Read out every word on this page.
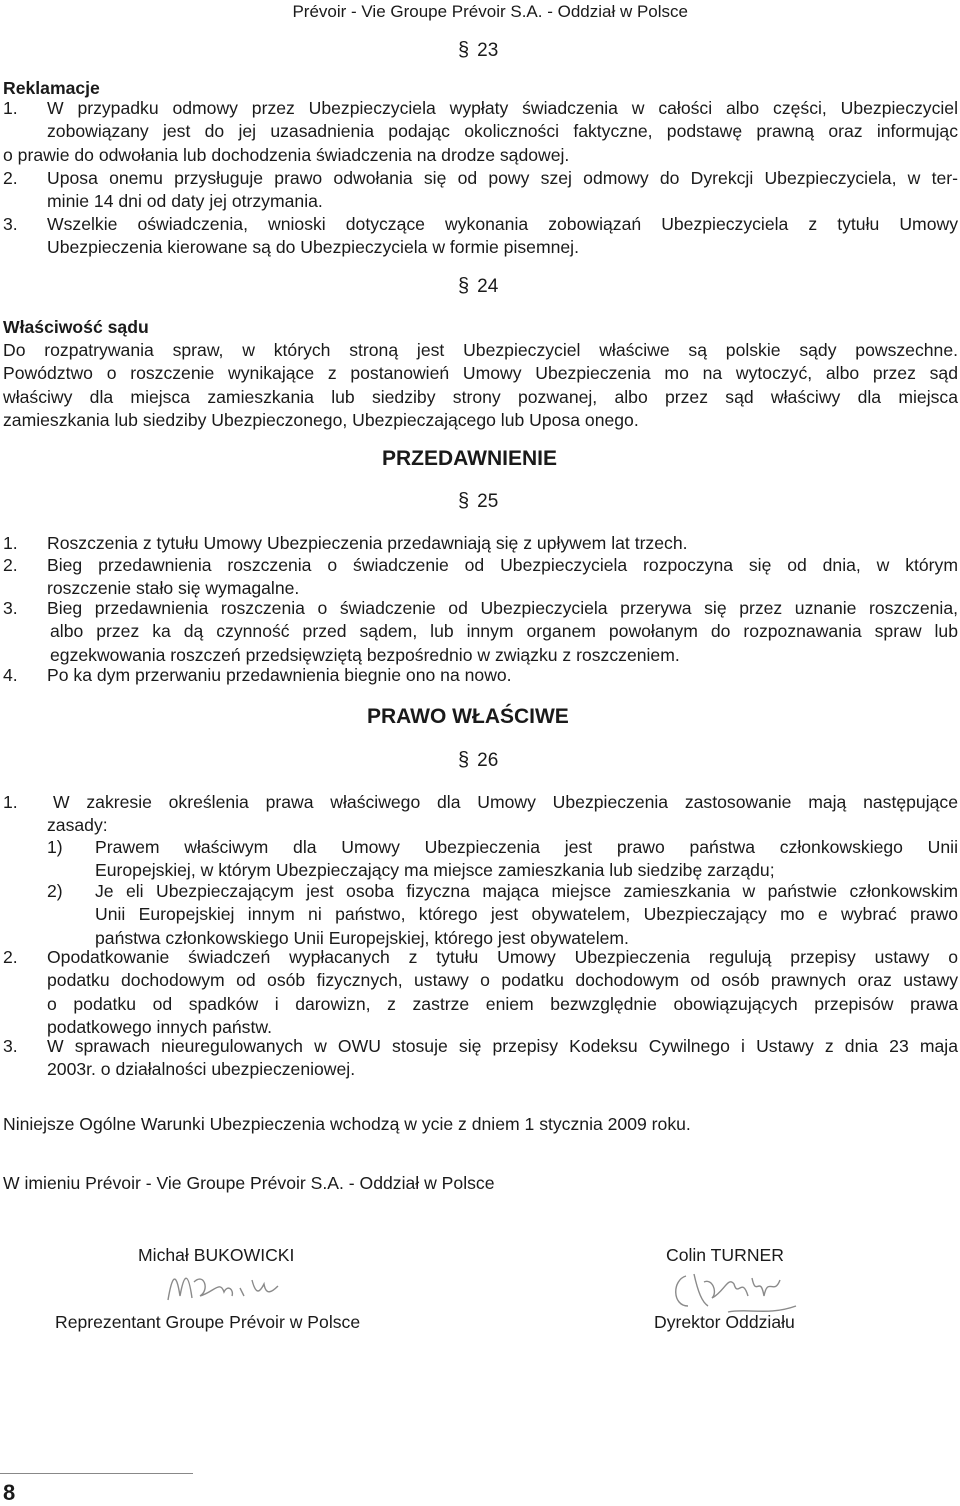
Prévoir - Vie Groupe Prévoir S.A. - Oddział w Polsce
§ 23
Reklamacje
1. W przypadku odmowy przez Ubezpieczyciela wypłaty świadczenia w całości albo części, Ubezpieczyciel
zobowiązany jest do jej uzasadnienia podając okoliczności faktyczne, podstawę prawną oraz informując
o prawie do odwołania lub dochodzenia świadczenia na drodze sądowej.
2. Uposa onemu przysługuje prawo odwołania się od powy szej odmowy do Dyrekcji Ubezpieczyciela, w ter-
minie 14 dni od daty jej otrzymania.
3. Wszelkie oświadczenia, wnioski dotyczące wykonania zobowiązań Ubezpieczyciela z tytułu Umowy
Ubezpieczenia kierowane są do Ubezpieczyciela w formie pisemnej.
§ 24
Właściwość sądu
Do rozpatrywania spraw, w których stroną jest Ubezpieczyciel właściwe są polskie sądy powszechne.
Powództwo o roszczenie wynikające z postanowień Umowy Ubezpieczenia mo na wytoczyć, albo przez sąd
właściwy dla miejsca zamieszkania lub siedziby strony pozwanej, albo przez sąd właściwy dla miejsca
zamieszkania lub siedziby Ubezpieczonego, Ubezpieczającego lub Uposa onego.
PRZEDAWNIENIE
§ 25
1. Roszczenia z tytułu Umowy Ubezpieczenia przedawniają się z upływem lat trzech.
2. Bieg przedawnienia roszczenia o świadczenie od Ubezpieczyciela rozpoczyna się od dnia, w którym
roszczenie stało się wymagalne.
3. Bieg przedawnienia roszczenia o świadczenie od Ubezpieczyciela przerywa się przez uznanie roszczenia,
albo przez ka dą czynność przed sądem, lub innym organem powołanym do rozpoznawania spraw lub
egzekwowania roszczeń przedsięwziętą bezpośrednio w związku z roszczeniem.
4. Po ka dym przerwaniu przedawnienia biegnie ono na nowo.
PRAWO WŁAŚCIWE
§ 26
1. W zakresie określenia prawa właściwego dla Umowy Ubezpieczenia zastosowanie mają następujące
zasady:
1) Prawem właściwym dla Umowy Ubezpieczenia jest prawo państwa członkowskiego Unii
Europejskiej, w którym Ubezpieczający ma miejsce zamieszkania lub siedzibę zarządu;
2) Je eli Ubezpieczającym jest osoba fizyczna mająca miejsce zamieszkania w państwie członkowskim
Unii Europejskiej innym ni państwo, którego jest obywatelem, Ubezpieczający mo e wybrać prawo
państwa członkowskiego Unii Europejskiej, którego jest obywatelem.
2. Opodatkowanie świadczeń wypłacanych z tytułu Umowy Ubezpieczenia regulują przepisy ustawy o
podatku dochodowym od osób fizycznych, ustawy o podatku dochodowym od osób prawnych oraz ustawy
o podatku od spadków i darowizn, z zastrze eniem bezwzględnie obowiązujących przepisów prawa
podatkowego innych państw.
3. W sprawach nieuregulowanych w OWU stosuje się przepisy Kodeksu Cywilnego i Ustawy z dnia 23 maja
2003r. o działalności ubezpieczeniowej.
Niniejsze Ogólne Warunki Ubezpieczenia wchodzą w ycie z dniem 1 stycznia 2009 roku.
W imieniu Prévoir - Vie Groupe Prévoir S.A. - Oddział w Polsce
Michał BUKOWICKI	Colin TURNER
Reprezentant Groupe Prévoir w Polsce	Dyrektor Oddziału
8
